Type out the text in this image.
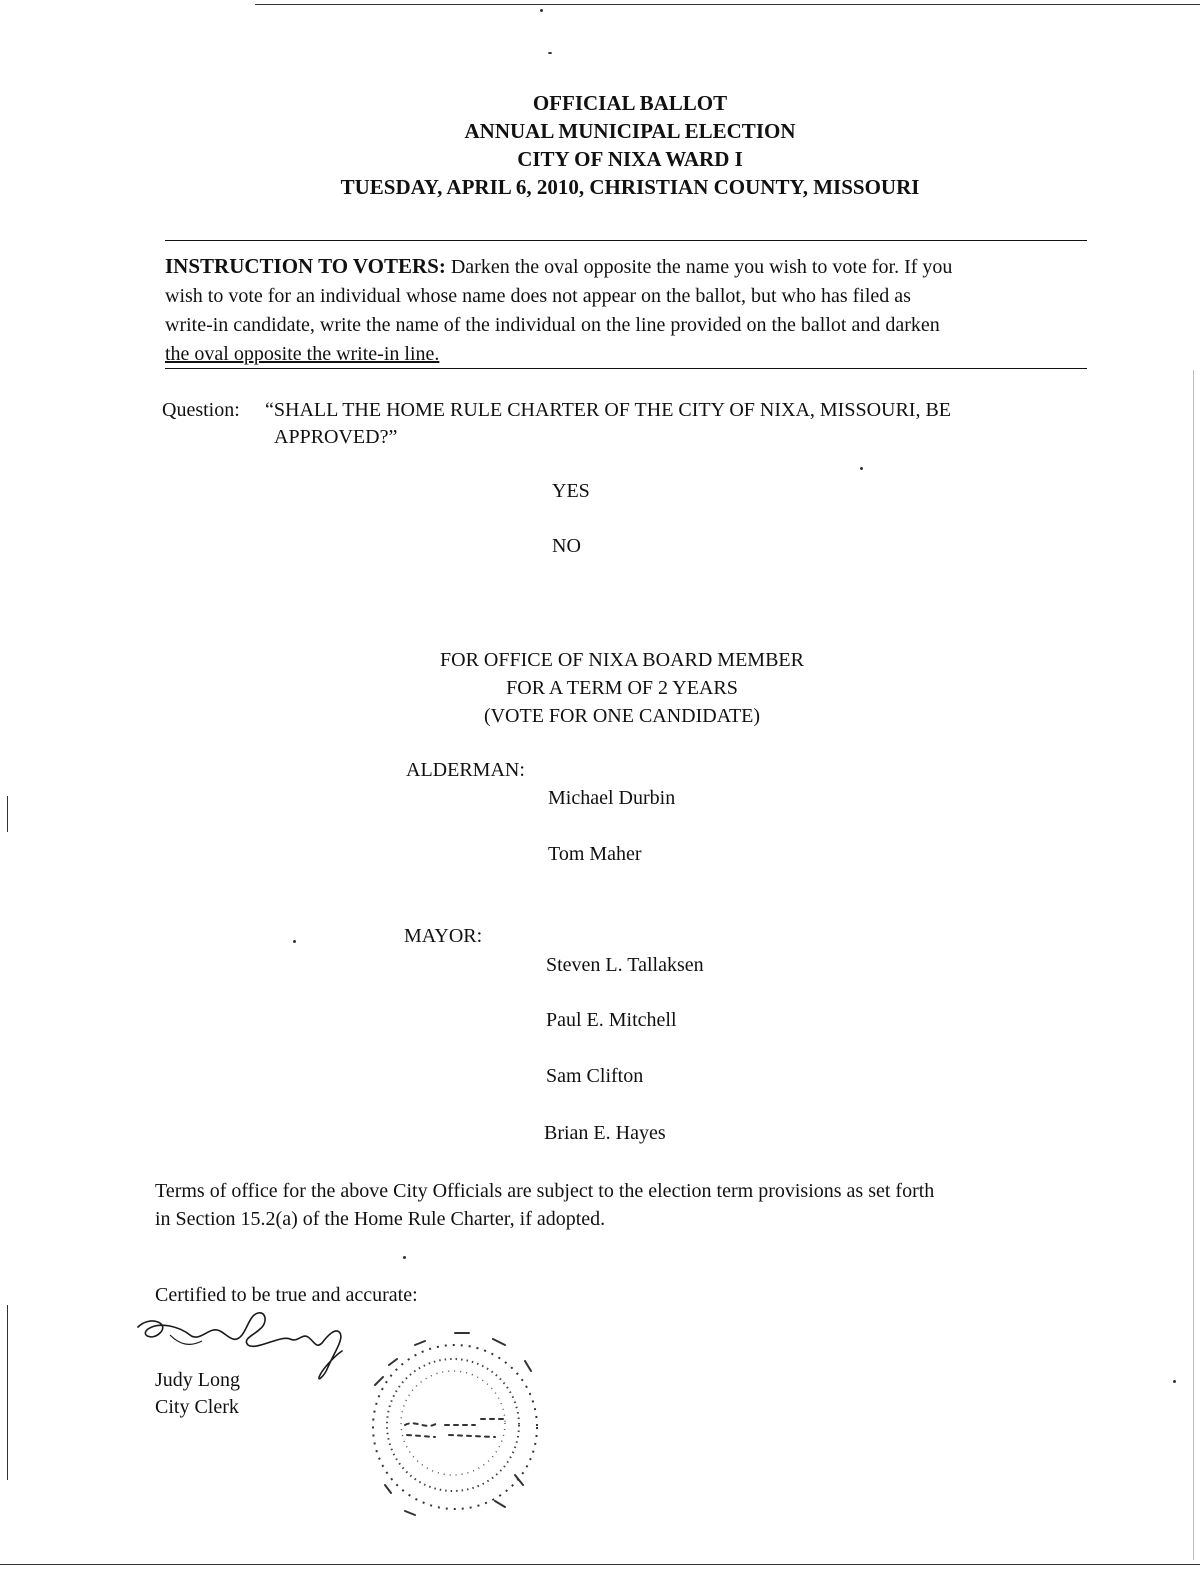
OFFICIAL BALLOT
ANNUAL MUNICIPAL ELECTION
CITY OF NIXA WARD I
TUESDAY, APRIL 6, 2010, CHRISTIAN COUNTY, MISSOURI
INSTRUCTION TO VOTERS: Darken the oval opposite the name you wish to vote for. If you
wish to vote for an individual whose name does not appear on the ballot, but who has filed as
write-in candidate, write the name of the individual on the line provided on the ballot and darken
the oval opposite the write-in line.
Question: “SHALL THE HOME RULE CHARTER OF THE CITY OF NIXA, MISSOURI, BE
APPROVED?”
YES
NO
FOR OFFICE OF NIXA BOARD MEMBER
FOR A TERM OF 2 YEARS
(VOTE FOR ONE CANDIDATE)
ALDERMAN:
Michael Durbin
Tom Maher
MAYOR:
Steven L. Tallaksen
Paul E. Mitchell
Sam Clifton
Brian E. Hayes
Terms of office for the above City Officials are subject to the election term provisions as set forth
in Section 15.2(a) of the Home Rule Charter, if adopted.
Certified to be true and accurate:
Judy Long
City Clerk
